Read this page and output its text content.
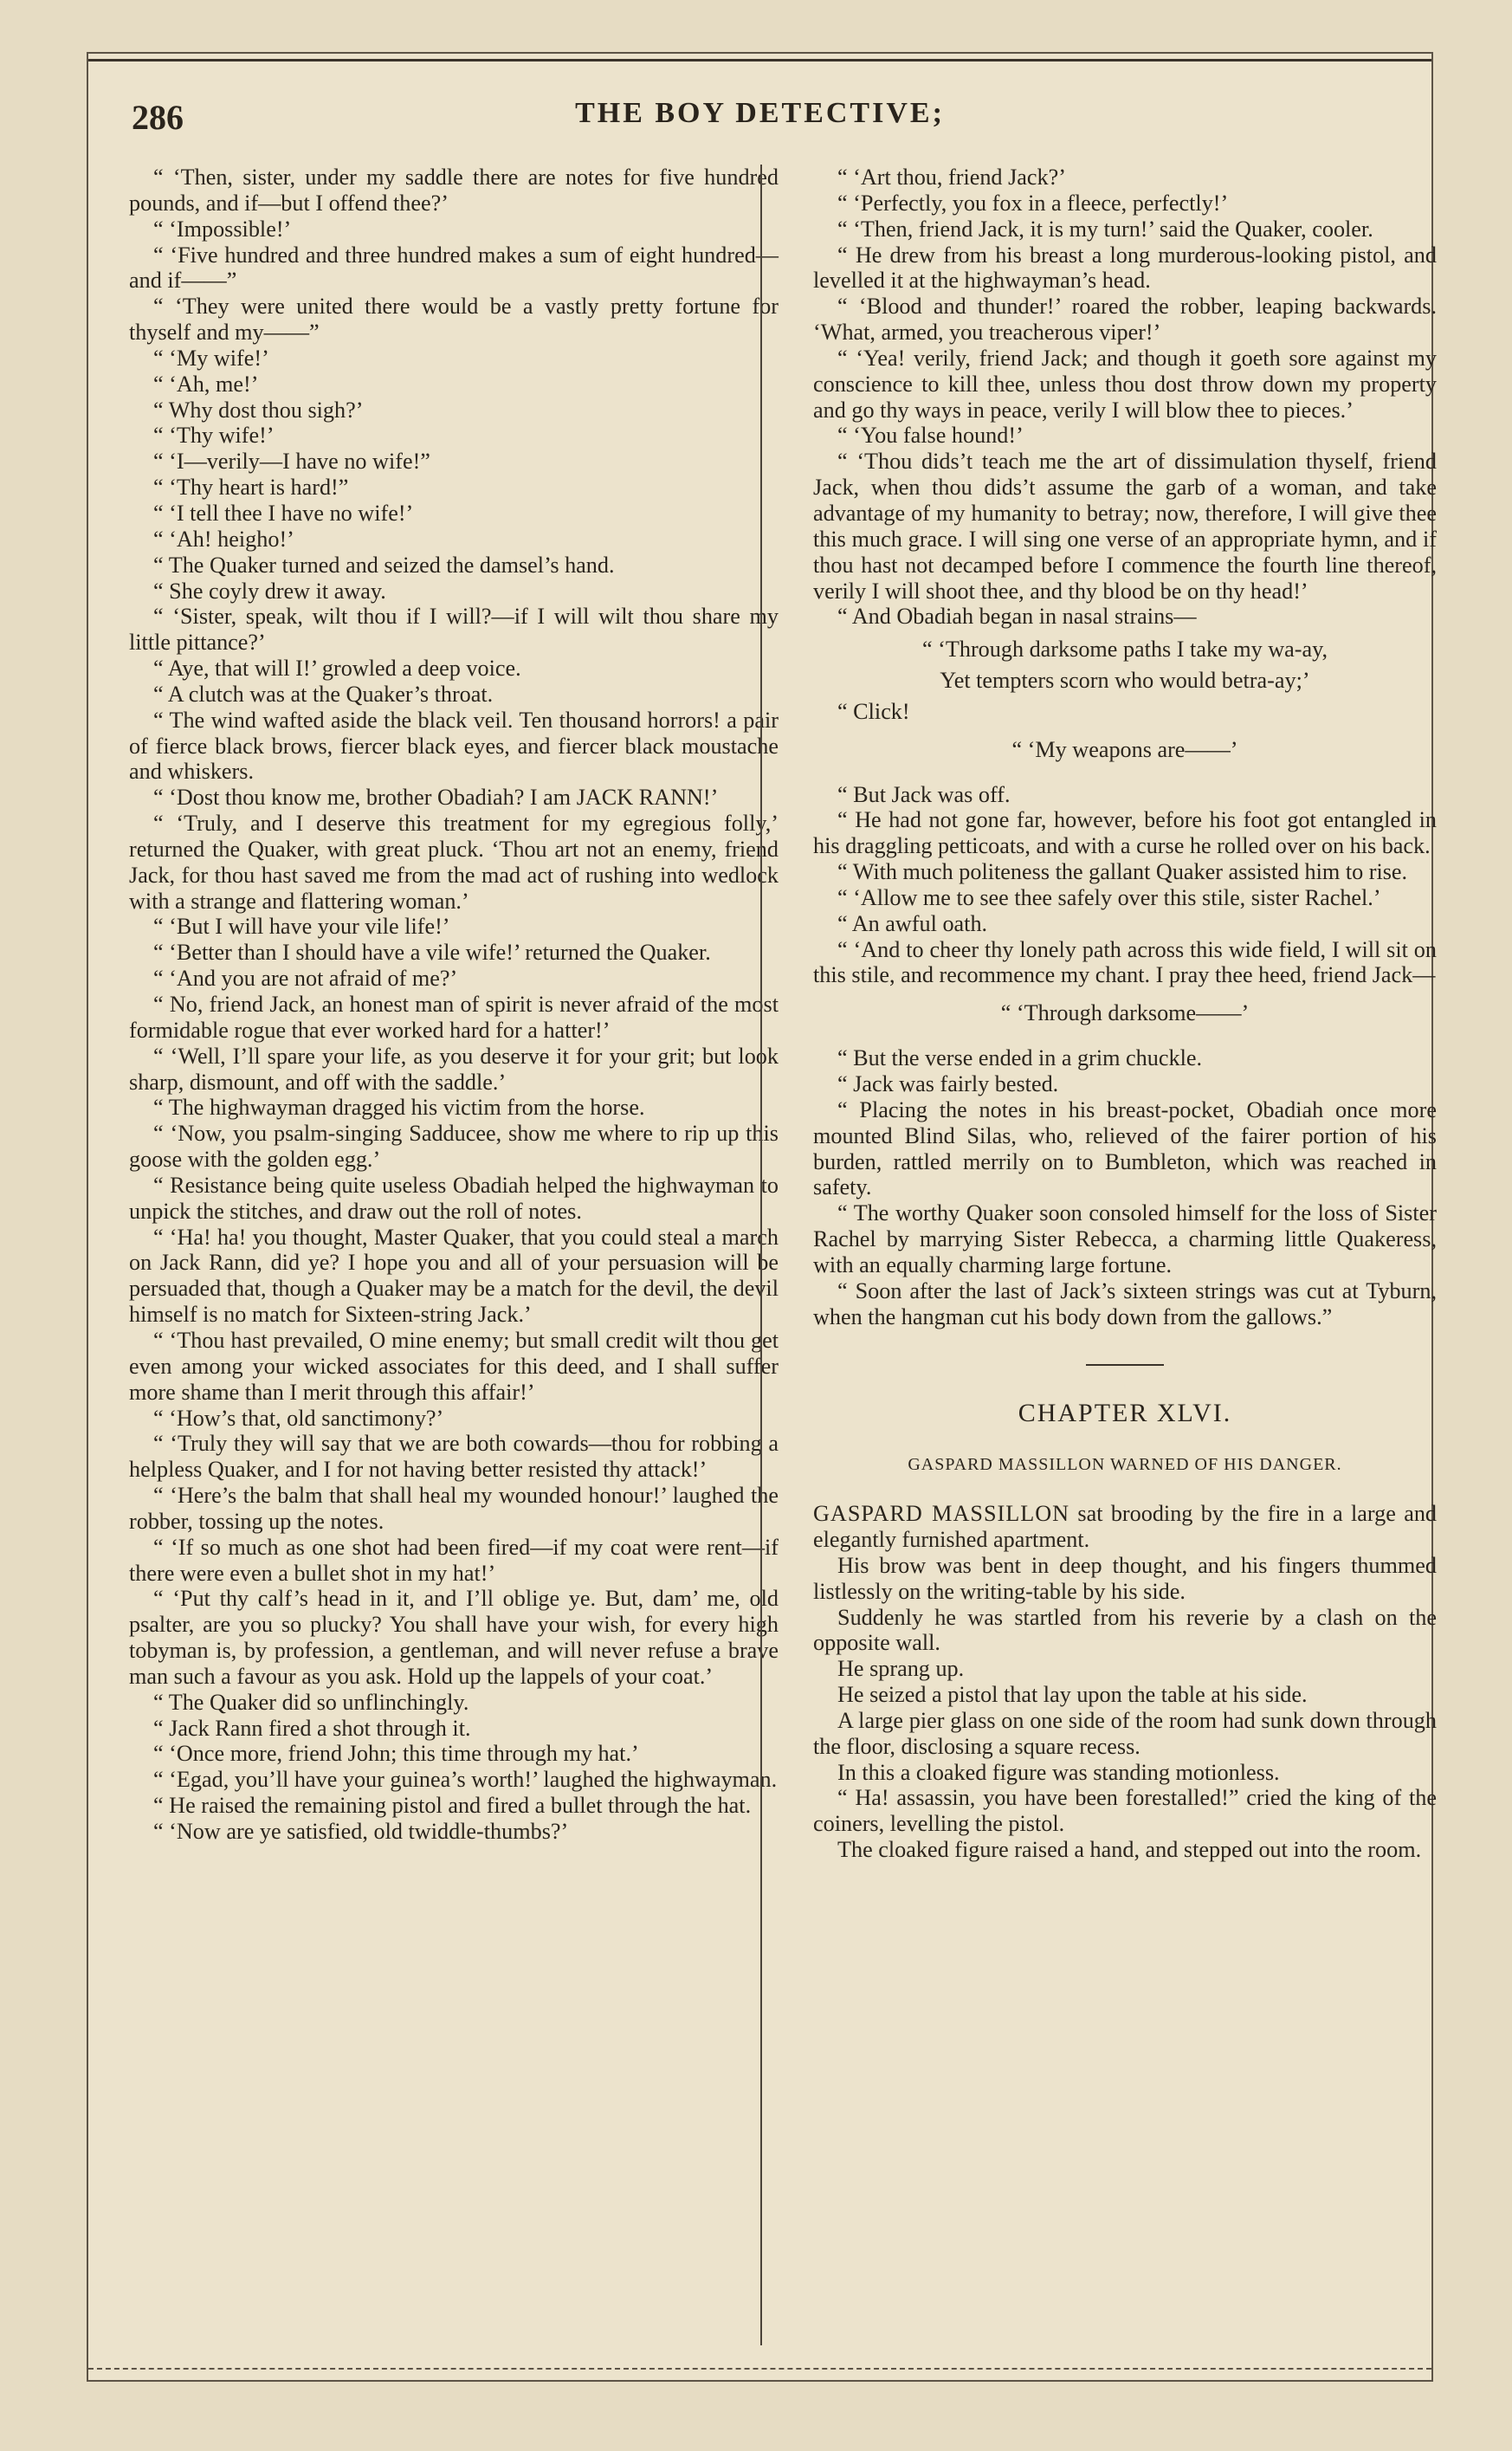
286	THE BOY DETECTIVE;

“ ‘Then, sister, under my saddle there are notes for five hundred pounds, and if—but I offend thee?’

“ ‘Impossible!’

“ ‘Five hundred and three hundred makes a sum of eight hundred—and if——”

“ ‘They were united there would be a vastly pretty fortune for thyself and my——”

“ ‘My wife!’

“ ‘Ah, me!’

“ Why dost thou sigh?’

“ ‘Thy wife!’

“ ‘I—verily—I have no wife!”

“ ‘Thy heart is hard!”

“ ‘I tell thee I have no wife!’

“ ‘Ah! heigho!’

“ The Quaker turned and seized the damsel’s hand.

“ She coyly drew it away.

“ ‘Sister, speak, wilt thou if I will?—if I will wilt thou share my little pittance?’

“ Aye, that will I!’ growled a deep voice.

“ A clutch was at the Quaker’s throat.

“ The wind wafted aside the black veil. Ten thousand horrors! a pair of fierce black brows, fiercer black eyes, and fiercer black moustache and whiskers.

“ ‘Dost thou know me, brother Obadiah? I am JACK RANN!’

“ ‘Truly, and I deserve this treatment for my egregious folly,’ returned the Quaker, with great pluck. ‘Thou art not an enemy, friend Jack, for thou hast saved me from the mad act of rushing into wedlock with a strange and flattering woman.’

“ ‘But I will have your vile life!’

“ ‘Better than I should have a vile wife!’ returned the Quaker.

“ ‘And you are not afraid of me?’

“ No, friend Jack, an honest man of spirit is never afraid of the most formidable rogue that ever worked hard for a hatter!’

“ ‘Well, I’ll spare your life, as you deserve it for your grit; but look sharp, dismount, and off with the saddle.’

“ The highwayman dragged his victim from the horse.

“ ‘Now, you psalm-singing Sadducee, show me where to rip up this goose with the golden egg.’

“ Resistance being quite useless Obadiah helped the highwayman to unpick the stitches, and draw out the roll of notes.

“ ‘Ha! ha! you thought, Master Quaker, that you could steal a march on Jack Rann, did ye? I hope you and all of your persuasion will be persuaded that, though a Quaker may be a match for the devil, the devil himself is no match for Sixteen-string Jack.’

“ ‘Thou hast prevailed, O mine enemy; but small credit wilt thou get even among your wicked associates for this deed, and I shall suffer more shame than I merit through this affair!’

“ ‘How’s that, old sanctimony?’

“ ‘Truly they will say that we are both cowards—thou for robbing a helpless Quaker, and I for not having better resisted thy attack!’

“ ‘Here’s the balm that shall heal my wounded honour!’ laughed the robber, tossing up the notes.

“ ‘If so much as one shot had been fired—if my coat were rent—if there were even a bullet shot in my hat!’

“ ‘Put thy calf’s head in it, and I’ll oblige ye. But, dam’ me, old psalter, are you so plucky? You shall have your wish, for every high tobyman is, by profession, a gentleman, and will never refuse a brave man such a favour as you ask. Hold up the lappels of your coat.’

“ The Quaker did so unflinchingly.

“ Jack Rann fired a shot through it.

“ ‘Once more, friend John; this time through my hat.’

“ ‘Egad, you’ll have your guinea’s worth!’ laughed the highwayman.

“ He raised the remaining pistol and fired a bullet through the hat.

“ ‘Now are ye satisfied, old twiddle-thumbs?’

“ ‘Art thou, friend Jack?’

“ ‘Perfectly, you fox in a fleece, perfectly!’

“ ‘Then, friend Jack, it is my turn!’ said the Quaker, cooler.

“ He drew from his breast a long murderous-looking pistol, and levelled it at the highwayman’s head.

“ ‘Blood and thunder!’ roared the robber, leaping backwards. ‘What, armed, you treacherous viper!’

“ ‘Yea! verily, friend Jack; and though it goeth sore against my conscience to kill thee, unless thou dost throw down my property and go thy ways in peace, verily I will blow thee to pieces.’

“ ‘You false hound!’

“ ‘Thou dids’t teach me the art of dissimulation thyself, friend Jack, when thou dids’t assume the garb of a woman, and take advantage of my humanity to betray; now, therefore, I will give thee this much grace. I will sing one verse of an appropriate hymn, and if thou hast not decamped before I commence the fourth line thereof, verily I will shoot thee, and thy blood be on thy head!’

“ And Obadiah began in nasal strains—

“ ‘Through darksome paths I take my wa-ay,

Yet tempters scorn who would betra-ay;’

“ Click!

“ ‘My weapons are——’

“ But Jack was off.

“ He had not gone far, however, before his foot got entangled in his draggling petticoats, and with a curse he rolled over on his back.

“ With much politeness the gallant Quaker assisted him to rise.

“ ‘Allow me to see thee safely over this stile, sister Rachel.’

“ An awful oath.

“ ‘And to cheer thy lonely path across this wide field, I will sit on this stile, and recommence my chant. I pray thee heed, friend Jack—

“ ‘Through darksome——’

“ But the verse ended in a grim chuckle.

“ Jack was fairly bested.

“ Placing the notes in his breast-pocket, Obadiah once more mounted Blind Silas, who, relieved of the fairer portion of his burden, rattled merrily on to Bumbleton, which was reached in safety.

“ The worthy Quaker soon consoled himself for the loss of Sister Rachel by marrying Sister Rebecca, a charming little Quakeress, with an equally charming large fortune.

“ Soon after the last of Jack’s sixteen strings was cut at Tyburn, when the hangman cut his body down from the gallows.”

CHAPTER XLVI.
GASPARD MASSILLON WARNED OF HIS DANGER.

GASPARD MASSILLON sat brooding by the fire in a large and elegantly furnished apartment.

His brow was bent in deep thought, and his fingers thummed listlessly on the writing-table by his side.

Suddenly he was startled from his reverie by a clash on the opposite wall.

He sprang up.

He seized a pistol that lay upon the table at his side.

A large pier glass on one side of the room had sunk down through the floor, disclosing a square recess.

In this a cloaked figure was standing motionless.

“ Ha! assassin, you have been forestalled!” cried the king of the coiners, levelling the pistol.

The cloaked figure raised a hand, and stepped out into the room.
